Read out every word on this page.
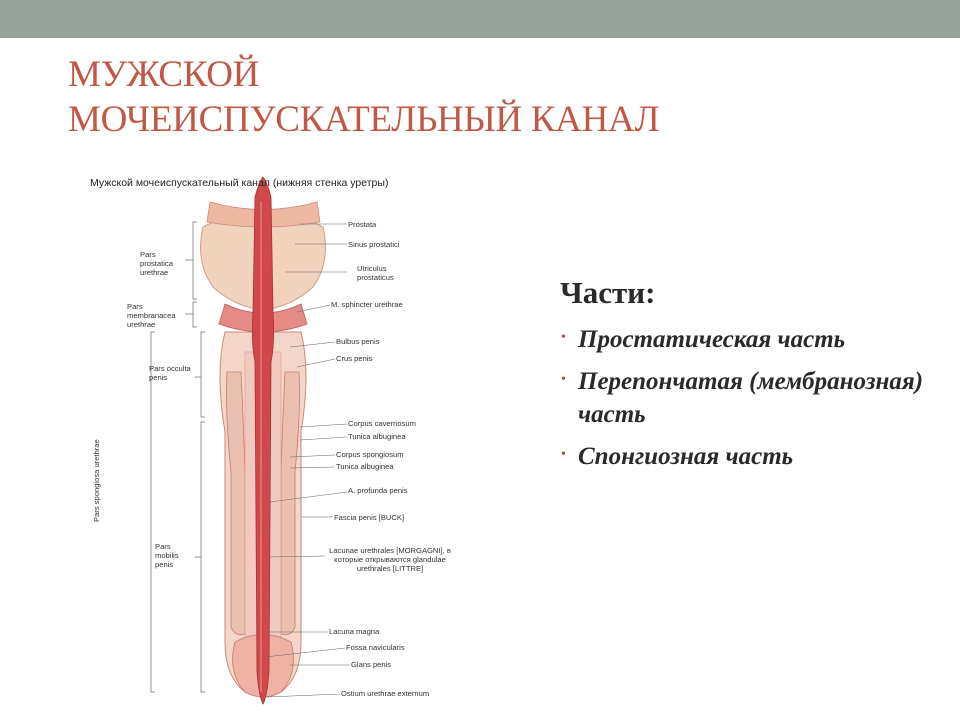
МУЖСКОЙ
МОЧЕИСПУСКАТЕЛЬНЫЙ КАНАЛ
Мужской мочеиспускательный канал (нижняя стенка уретры)
Prostata
Sinus prostatici
Utriculus prostaticus
M. sphincter urethrae
Bulbus penis
Crus penis
Corpus cavernosum
Tunica albuginea
Corpus spongiosum
Tunica albuginea
A. profunda penis
Fascia penis [BUCK]
Lacunae urethrales [MORGAGNI], в которые открываются glandulae urethrales [LITTRE]
Lacuna magna
Fossa navicularis
Glans penis
Ostium urethrae externum
Pars prostatica urethrae
Pars membranacea urethrae
Pars occulta penis
Pars spongiosa urethrae
Pars mobilis penis
Части:
• Простатическая часть
• Перепончатая (мембранозная) часть
• Спонгиозная часть
